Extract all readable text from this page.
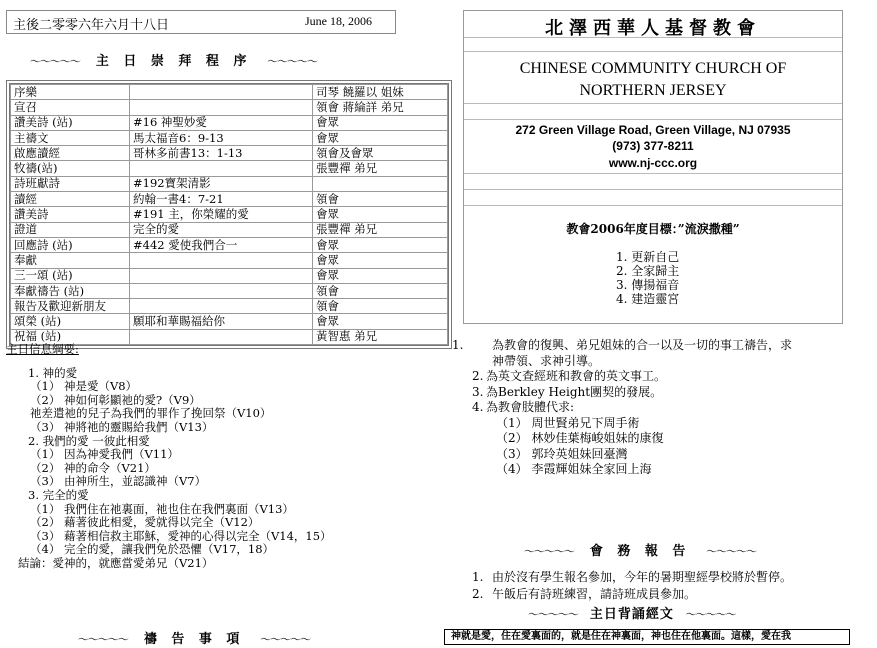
主後二零零六年六月十八日	June 18, 2006
～～～～～ 主 日 崇 拜 程 序 ～～～～～
序樂		司琴 饒羅以 姐妹
宣召		領會 蔣綸詳 弟兄
讚美詩 (站)	#16 神聖妙愛	會眾
主禱文	馬太福音6：9-13	會眾
啟應讀經	哥林多前書13：1-13	領會及會眾
牧禱(站)		張豐禪 弟兄
詩班獻詩	#192寶架清影	
讀經	約翰一書4：7-21	領會
讚美詩	#191 主，你榮耀的愛	會眾
證道	完全的愛	張豐禪 弟兄
回應詩 (站)	#442 愛使我們合一	會眾
奉獻		會眾
三一頌 (站)		會眾
奉獻禱告 (站)		領會
報告及歡迎新朋友		領會
頌榮 (站)	願耶和華賜福給你	會眾
祝福 (站)		黃智惠 弟兄
主日信息綱要:
1. 神的愛
（1） 神是愛（V8）
（2） 神如何彰顯祂的愛?（V9）
祂差遣祂的兒子為我們的罪作了挽回祭（V10）
（3） 神將祂的靈賜給我們（V13）
2. 我們的愛 一彼此相愛
（1） 因為神愛我們（V11）
（2） 神的命令（V21）
（3） 由神所生，並認識神（V7）
3. 完全的愛
（1） 我們住在祂裏面，祂也住在我們裏面（V13）
（2） 藉著彼此相愛，愛就得以完全（V12）
（3） 藉著相信救主耶穌，愛神的心得以完全（V14，15）
（4） 完全的愛，讓我們免於恐懼（V17，18）
結論：愛神的，就應當愛弟兄（V21）
～～～～～ 禱 告 事 項 ～～～～～
北澤西華人基督教會
CHINESE COMMUNITY CHURCH OF
NORTHERN JERSEY
272 Green Village Road, Green Village, NJ 07935
(973) 377-8211
www.nj-ccc.org
教會2006年度目標：”流淚撒種”
1. 更新自己
2. 全家歸主
3. 傳揚福音
4. 建造靈宮
1. 為教會的復興、弟兄姐妹的合一以及一切的事工禱告，求
神帶領、求神引導。
2. 為英文查經班和教會的英文事工。
3. 為Berkley Height團契的發展。
4. 為教會肢體代求:
（1） 周世賢弟兄下周手術
（2） 林妙佳葉梅峻姐妹的康復
（3） 郭玲英姐妹回臺灣
（4） 李霞輝姐妹全家回上海
～～～～～ 會 務 報 告 ～～～～～
1. 由於沒有學生報名參加，今年的暑期聖經學校將於暫停。
2. 午飯后有詩班練習，請詩班成員參加。
～～～～～ 主日背誦經文 ～～～～～
神就是愛，住在愛裏面的，就是住在神裏面，神也住在他裏面。這樣，愛在我
